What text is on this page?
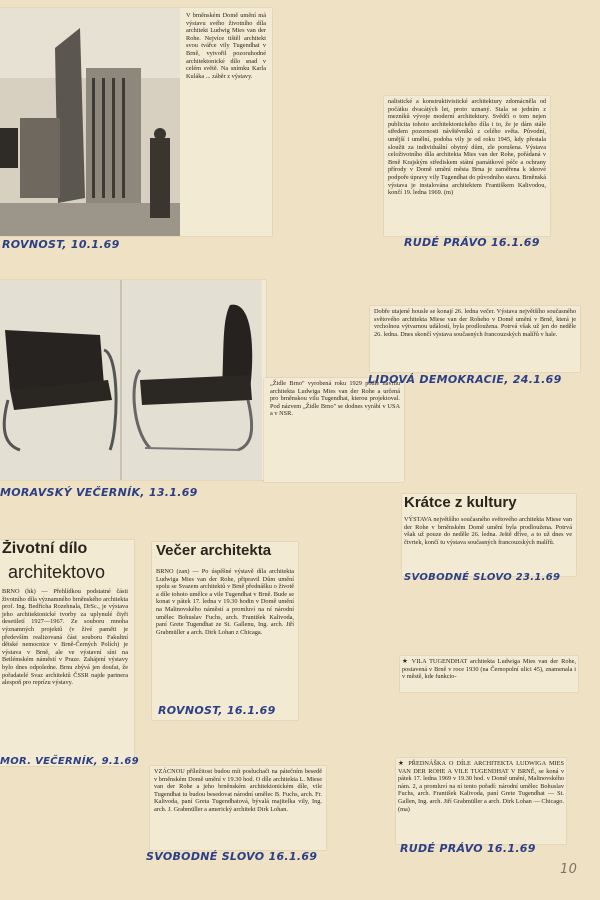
V brněnském Domě umění má výstavu svého životního díla architekt Ludwig Mies van der Rohe. Nejvíce tištěl architekt svou tvářce vily Tugendhat v Brně, vytvořil pozoruhodné architektonické dílo snad v celém světě. Na snímku Karla Kuláka ... záběr z výstavy.
ROVNOST, 10.1.69
nalistické a konstruktivistické architektury zdomácněla od počátku dvacátých let, proto uznaný. Stala se jedním z mezníků vývoje moderní architektury. Svědčí o tom nejen publicita tohoto architektonického díla i to, že je dám stále středem pozornosti návštěvníků z celého světa. Původní, umější i umělní, podoba vily je od roku 1945, kdy přestala sloužit za individuální obytný dům, zle porušena. Výstava celoživotního díla architekta Mies van der Rohe, pořádaná v Brně Krajským střediskem státní památkové péče a ochrany přírody v Domě umění města Brna je zaměřena k ideové podpoře úpravy vily Tugendhat do původního stavu. Brněnská výstava je instalována architektem Františkem Kalivodou, končí 19. ledna 1969. (m)
RUDÉ PRÁVO 16.1.69
„Židle Brno" vyrobená roku 1929 podle návrhu architekta Ludwiga Mies van der Rohe a určená pro brněnskou vilu Tugendhat, kterou projektoval. Pod názvem „Židle Brno" se dodnes vyrábí v USA a v NSR.
MORAVSKÝ VEČERNÍK, 13.1.69
Dobře utajené housle se konají 26. ledna večer. Výstava největšího současného světového architekta Miese van der Roheho v Domě umění v Brně, která je vrcholnou výtvarnou událostí, byla prodloužena. Potrvá však už jen do neděle 26. ledna. Dnes skončí výstava současných francouzských malířů v hale.
LIDOVÁ DEMOKRACIE, 24.1.69
Krátce z kultury
VÝSTAVA největšího současného světového architekta Miese van der Rohe v brněnském Domě umění byla prodloužena. Potrvá však už pouze do neděle 26. ledna. Ještě dříve, a to už dnes ve čtvrtek, končí tu výstava současných francouzských malířů.
SVOBODNÉ SLOVO 23.1.69
Životní dílo
architektovo
BRNO (hk) — Přehlídkou podstatné části životního díla významného brněnského architekta prof. Ing. Bedřicha Rozehnala, DrSc., je výstava jeho architektonické tvorby za uplynulé čtyři desetiletí 1927—1967. Ze souboru mnoha významných projektů (v živé paměti je především realizovaná část souboru Fakultní dětské nemocnice v Brně-Černých Polích) je výstava v Brně, ale ve výstavní síni na Betlémském náměstí v Praze. Zahájení výstavy bylo dnes odpoledne. Brnu zbývá jen doufat, že pořadatelé Svaz architektů ČSSR najde partnera alespoň pro reprízu výstavy.
MOR. VEČERNÍK, 9.1.69
Večer architekta
BRNO (zan) — Po úspěšné výstavě díla architekta Ludwiga Mies van der Rohe, připravil Dům umění spolu se Svazem architektů v Brně přednášku o životě a díle tohoto umělce a vile Tugendhat v Brně. Bude se konat v pátek 17. ledna v 19.30 hodin v Domě umění na Malinovského náměstí a promluví na ní národní umělec Bohuslav Fuchs, arch. František Kalivoda, paní Grete Tugendhat ze St. Gallenu, Ing. arch. Jiří Grabmüller a arch. Dirk Lohan z Chicaga.
ROVNOST, 16.1.69
★ VILA TUGENDHAT architekta Ludwiga Mies van der Rohe, postavená v Brně v roce 1930 (na Černopolní ulici 45), znamenala i v městě, kde funkcio-
VZÁCNOU příležitost budou mít posluchači na pátečním besedě v brněnském Domě umění v 19.30 hod. O díle architekta L. Miese van der Rohe a jeho brněnském architektonickém díle, vile Tugendhat tu budou besedovat národní umělec B. Fuchs, arch. Fr. Kalivoda, paní Greta Tugendhatová, bývalá majitelka vily, Ing. arch. J. Grabmüller a americký architekt Dirk Lohan.
SVOBODNÉ SLOVO 16.1.69
★ PŘEDNÁŠKA O DÍLE ARCHITEKTA LUDWIGA MIES VAN DER ROHE A VILE TUGENDHAT V BRNĚ, se koná v pátek 17. ledna 1969 v 19.30 hod. v Domě umění, Malinovského nám. 2, a promluví na ní tento pořadí: národní umělec Bohuslav Fuchs, arch. František Kalivoda, paní Grete Tugendhat — St. Gallen, Ing. arch. Jiří Grabmüller a arch. Dirk Lohan — Chicago. (ma)
RUDÉ PRÁVO 16.1.69
10
